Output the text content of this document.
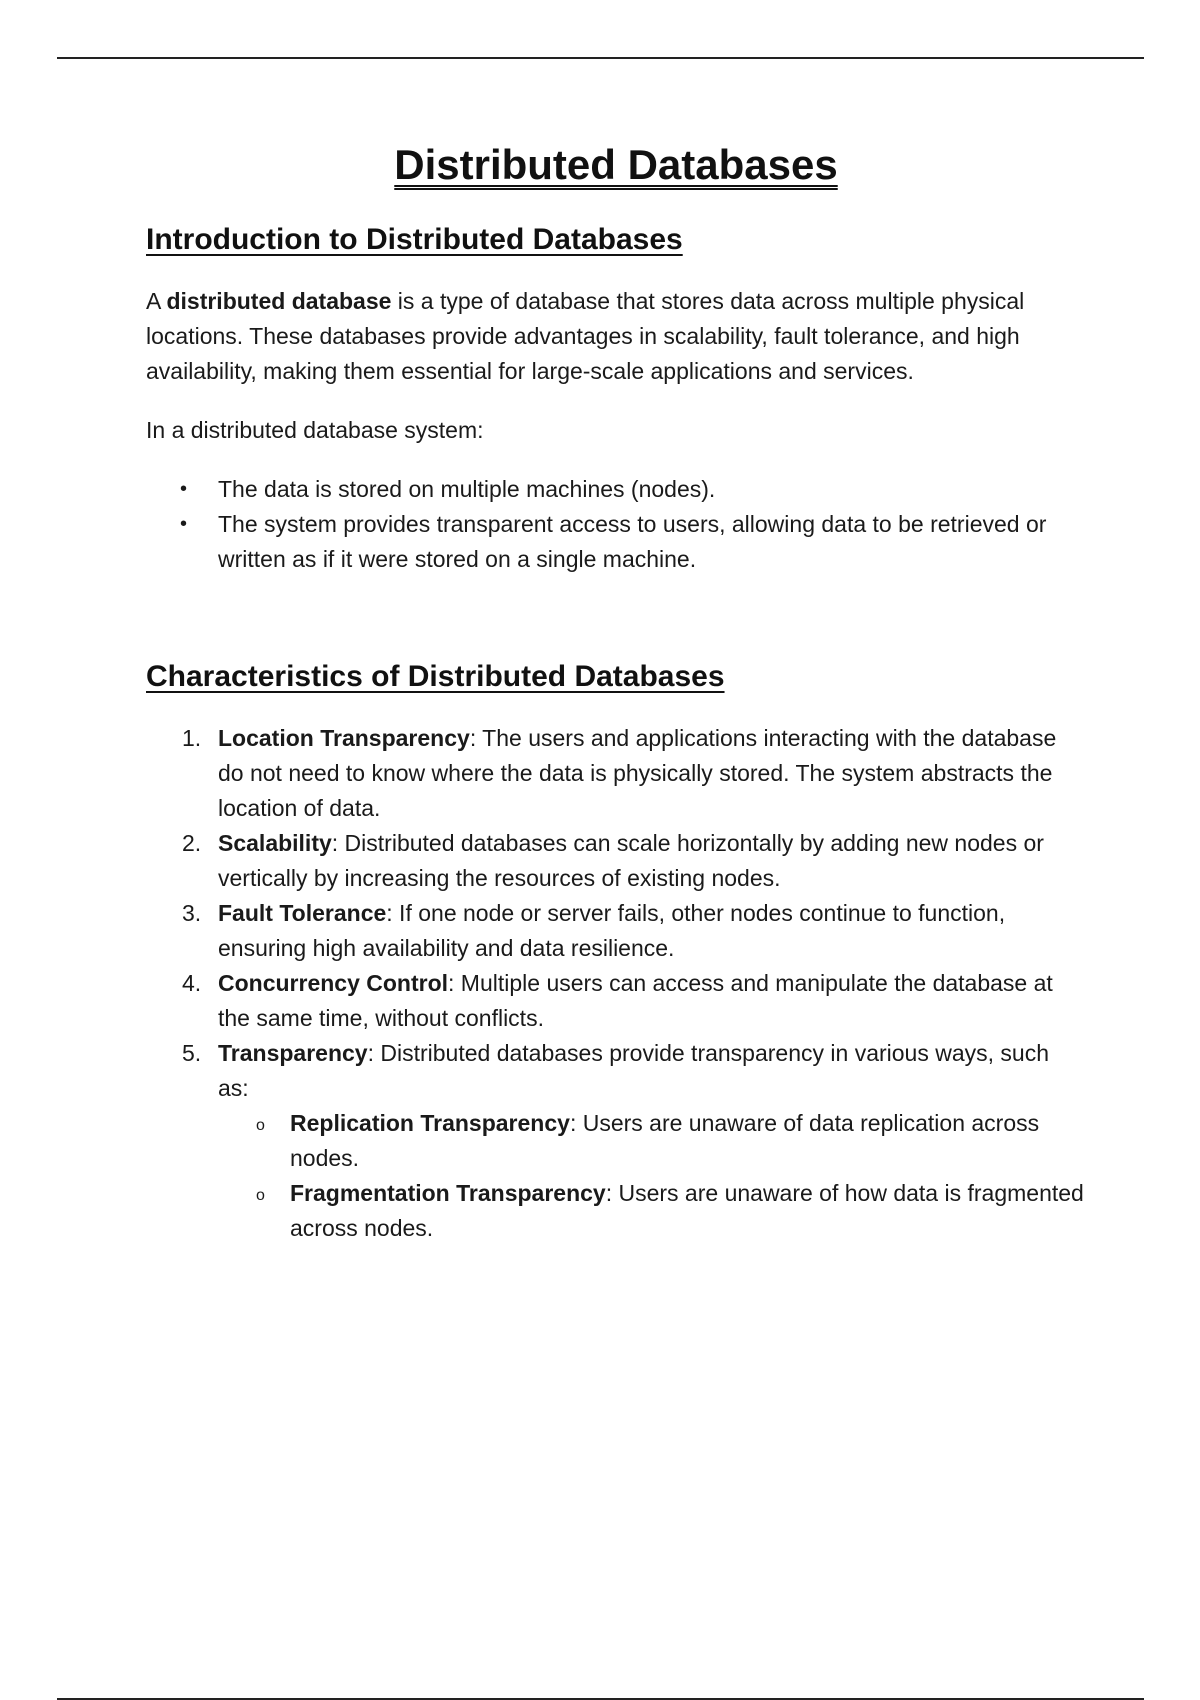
Distributed Databases
Introduction to Distributed Databases

A distributed database is a type of database that stores data across multiple physical locations. These databases provide advantages in scalability, fault tolerance, and high availability, making them essential for large-scale applications and services.

In a distributed database system:

• The data is stored on multiple machines (nodes).
• The system provides transparent access to users, allowing data to be retrieved or written as if it were stored on a single machine.
Characteristics of Distributed Databases
1. Location Transparency: The users and applications interacting with the database do not need to know where the data is physically stored. The system abstracts the location of data.
2. Scalability: Distributed databases can scale horizontally by adding new nodes or vertically by increasing the resources of existing nodes.
3. Fault Tolerance: If one node or server fails, other nodes continue to function, ensuring high availability and data resilience.
4. Concurrency Control: Multiple users can access and manipulate the database at the same time, without conflicts.
5. Transparency: Distributed databases provide transparency in various ways, such as:
o Replication Transparency: Users are unaware of data replication across nodes.
o Fragmentation Transparency: Users are unaware of how data is fragmented across nodes.
